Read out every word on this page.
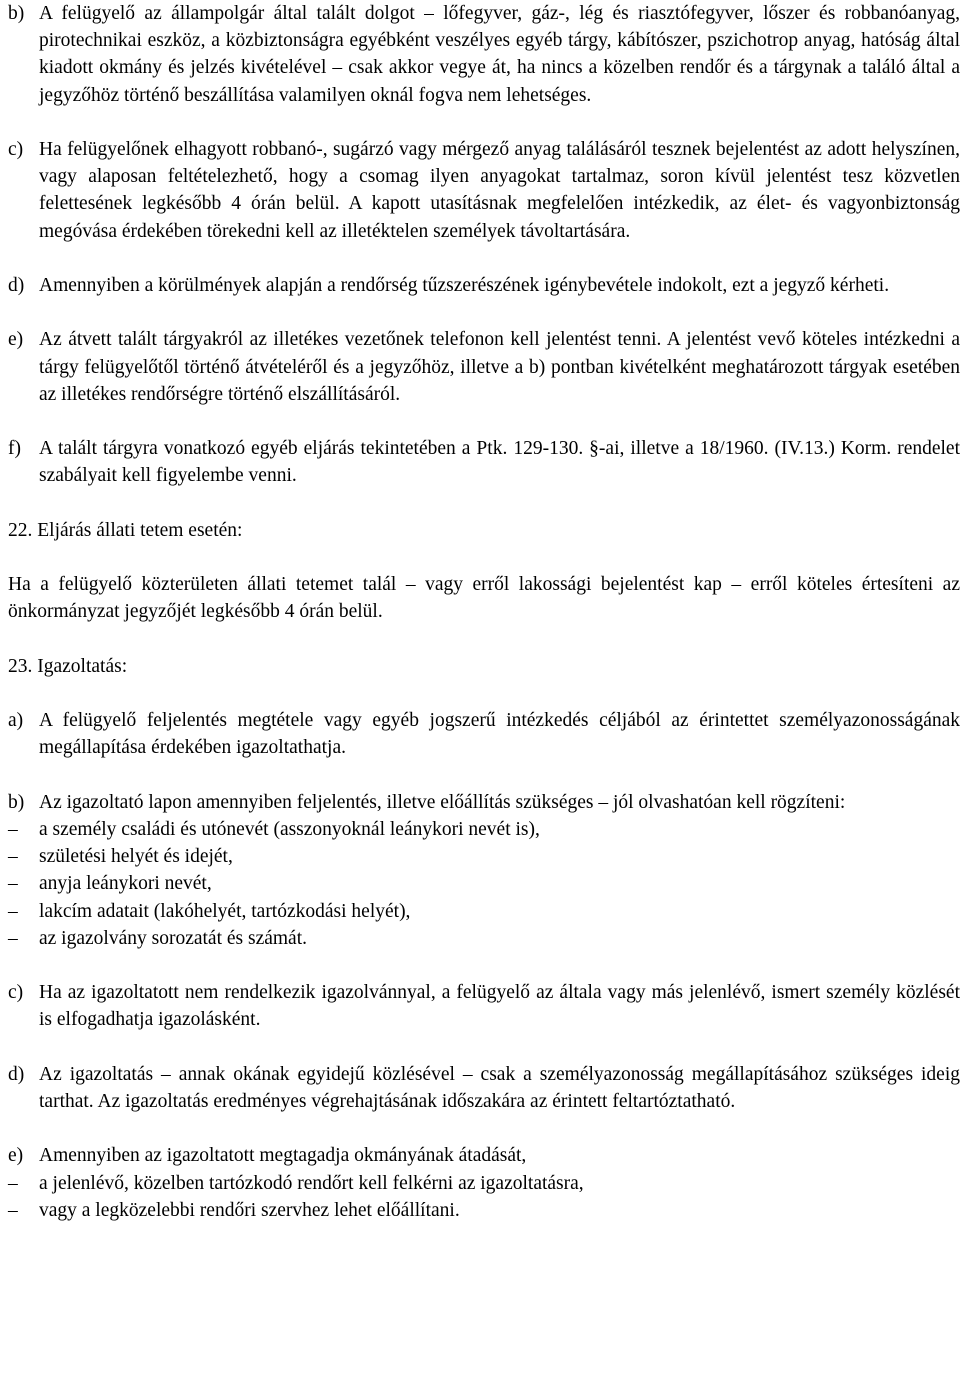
b) A felügyelő az állampolgár által talált dolgot – lőfegyver, gáz-, lég és riasztófegyver, lőszer és robbanóanyag, pirotechnikai eszköz, a közbiztonságra egyébként veszélyes egyéb tárgy, kábítószer, pszichotrop anyag, hatóság által kiadott okmány és jelzés kivételével – csak akkor vegye át, ha nincs a közelben rendőr és a tárgynak a találó által a jegyzőhöz történő beszállítása valamilyen oknál fogva nem lehetséges.
c) Ha felügyelőnek elhagyott robbanó-, sugárzó vagy mérgező anyag találásáról tesznek bejelentést az adott helyszínen, vagy alaposan feltételezhető, hogy a csomag ilyen anyagokat tartalmaz, soron kívül jelentést tesz közvetlen felettesének legkésőbb 4 órán belül. A kapott utasításnak megfelelően intézkedik, az élet- és vagyonbiztonság megóvása érdekében törekedni kell az illetéktelen személyek távoltartására.
d) Amennyiben a körülmények alapján a rendőrség tűzszerészének igénybevétele indokolt, ezt a jegyző kérheti.
e) Az átvett talált tárgyakról az illetékes vezetőnek telefonon kell jelentést tenni. A jelentést vevő köteles intézkedni a tárgy felügyelőtől történő átvételéről és a jegyzőhöz, illetve a b) pontban kivételként meghatározott tárgyak esetében az illetékes rendőrségre történő elszállításáról.
f) A talált tárgyra vonatkozó egyéb eljárás tekintetében a Ptk. 129-130. §-ai, illetve a 18/1960. (IV.13.) Korm. rendelet szabályait kell figyelembe venni.

22. Eljárás állati tetem esetén:

Ha a felügyelő közterületen állati tetemet talál – vagy erről lakossági bejelentést kap – erről köteles értesíteni az önkormányzat jegyzőjét legkésőbb 4 órán belül.

23. Igazoltatás:

a) A felügyelő feljelentés megtétele vagy egyéb jogszerű intézkedés céljából az érintettet személyazonosságának megállapítása érdekében igazoltathatja.
b) Az igazoltató lapon amennyiben feljelentés, illetve előállítás szükséges – jól olvashatóan kell rögzíteni:
–	a személy családi és utónevét (asszonyoknál leánykori nevét is),
–	születési helyét és idejét,
–	anyja leánykori nevét,
–	lakcím adatait (lakóhelyét, tartózkodási helyét),
–	az igazolvány sorozatát és számát.
c) Ha az igazoltatott nem rendelkezik igazolvánnyal, a felügyelő az általa vagy más jelenlévő, ismert személy közlését is elfogadhatja igazolásként.
d) Az igazoltatás – annak okának egyidejű közlésével – csak a személyazonosság megállapításához szükséges ideig tarthat. Az igazoltatás eredményes végrehajtásának időszakára az érintett feltartóztatható.
e) Amennyiben az igazoltatott megtagadja okmányának átadását,
–	a jelenlévő, közelben tartózkodó rendőrt kell felkérni az igazoltatásra,
–	vagy a legközelebbi rendőri szervhez lehet előállítani.
